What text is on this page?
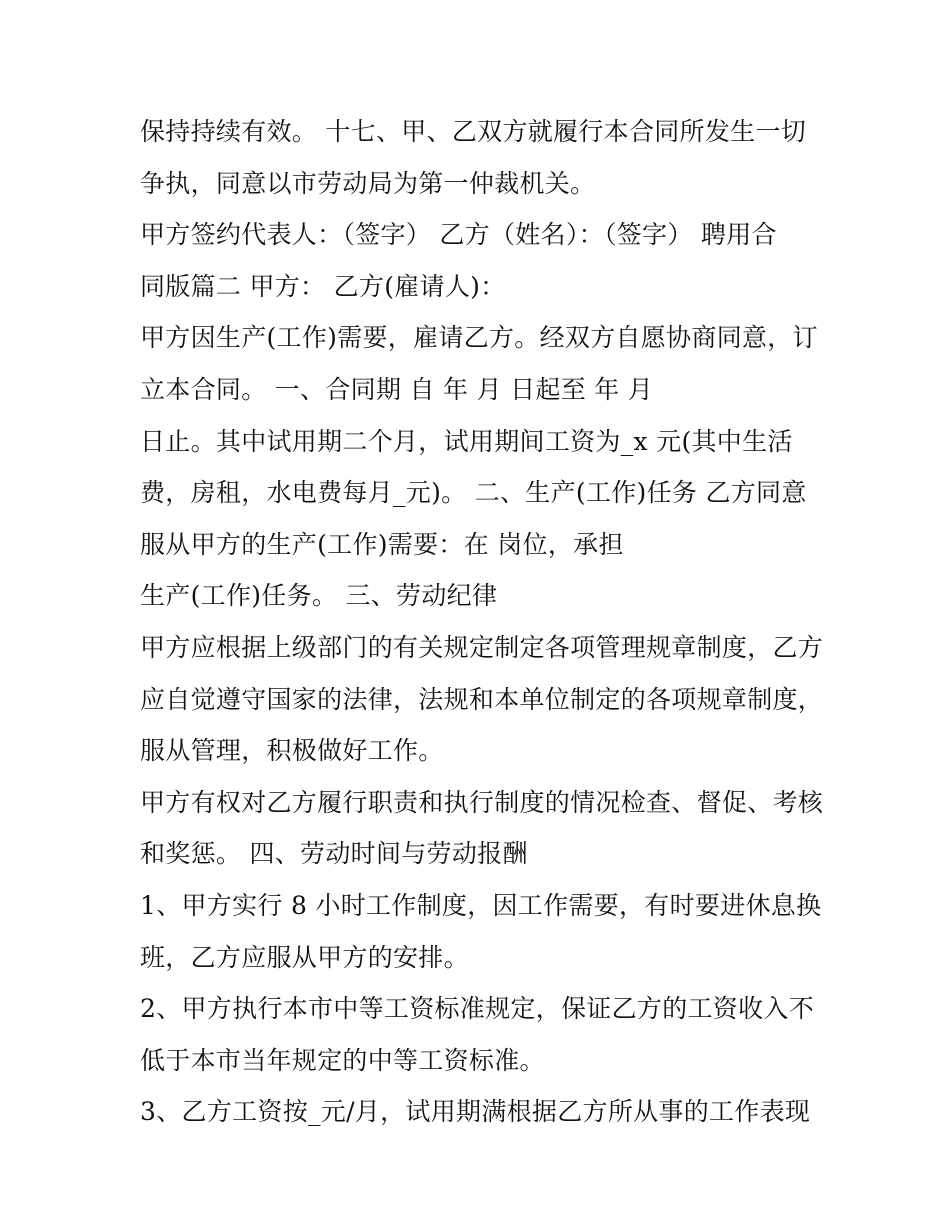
保持持续有效。 十七、甲、乙双方就履行本合同所发生一切
争执，同意以市劳动局为第一仲裁机关。
甲方签约代表人：（签字） 乙方（姓名）：（签字） 聘用合
同版篇二 甲方： 乙方(雇请人)：
甲方因生产(工作)需要，雇请乙方。经双方自愿协商同意，订
立本合同。 一、合同期 自 年 月 日起至 年 月
日止。其中试用期二个月，试用期间工资为_x 元(其中生活
费，房租，水电费每月_元)。 二、生产(工作)任务 乙方同意
服从甲方的生产(工作)需要：在 岗位，承担
生产(工作)任务。 三、劳动纪律
甲方应根据上级部门的有关规定制定各项管理规章制度，乙方
应自觉遵守国家的法律，法规和本单位制定的各项规章制度，
服从管理，积极做好工作。
甲方有权对乙方履行职责和执行制度的情况检查、督促、考核
和奖惩。 四、劳动时间与劳动报酬
1、甲方实行 8 小时工作制度，因工作需要，有时要进休息换
班，乙方应服从甲方的安排。
2、甲方执行本市中等工资标准规定，保证乙方的工资收入不
低于本市当年规定的中等工资标准。
3、乙方工资按_元/月，试用期满根据乙方所从事的工作表现
